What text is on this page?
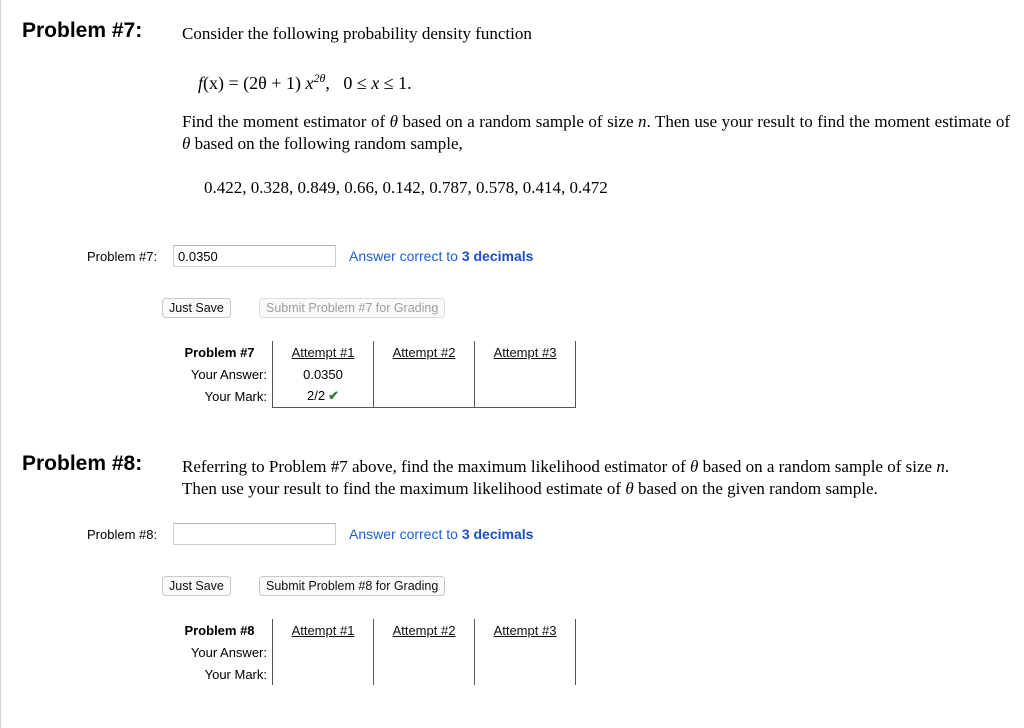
Problem #7: Consider the following probability density function
f(x) = (2θ + 1) $x^{2\theta}$,   0 ≤ x ≤ 1.
Find the moment estimator of θ based on a random sample of size n. Then use your result to find the moment estimate of θ based on the following random sample,
0.422, 0.328, 0.849, 0.66, 0.142, 0.787, 0.578, 0.414, 0.472
Problem #7:
0.0350	Answer correct to 3 decimals
Just Save	Submit Problem #7 for Grading
Problem #7	Attempt #1	Attempt #2	Attempt #3
Your Answer:	0.0350		
Your Mark:	2/2 ✔		
Problem #8: Referring to Problem #7 above, find the maximum likelihood estimator of θ based on a random sample of size n.
Then use your result to find the maximum likelihood estimate of θ based on the given random sample.
Problem #8:	Answer correct to 3 decimals
Just Save	Submit Problem #8 for Grading
Problem #8	Attempt #1	Attempt #2	Attempt #3
Your Answer:			
Your Mark:			
